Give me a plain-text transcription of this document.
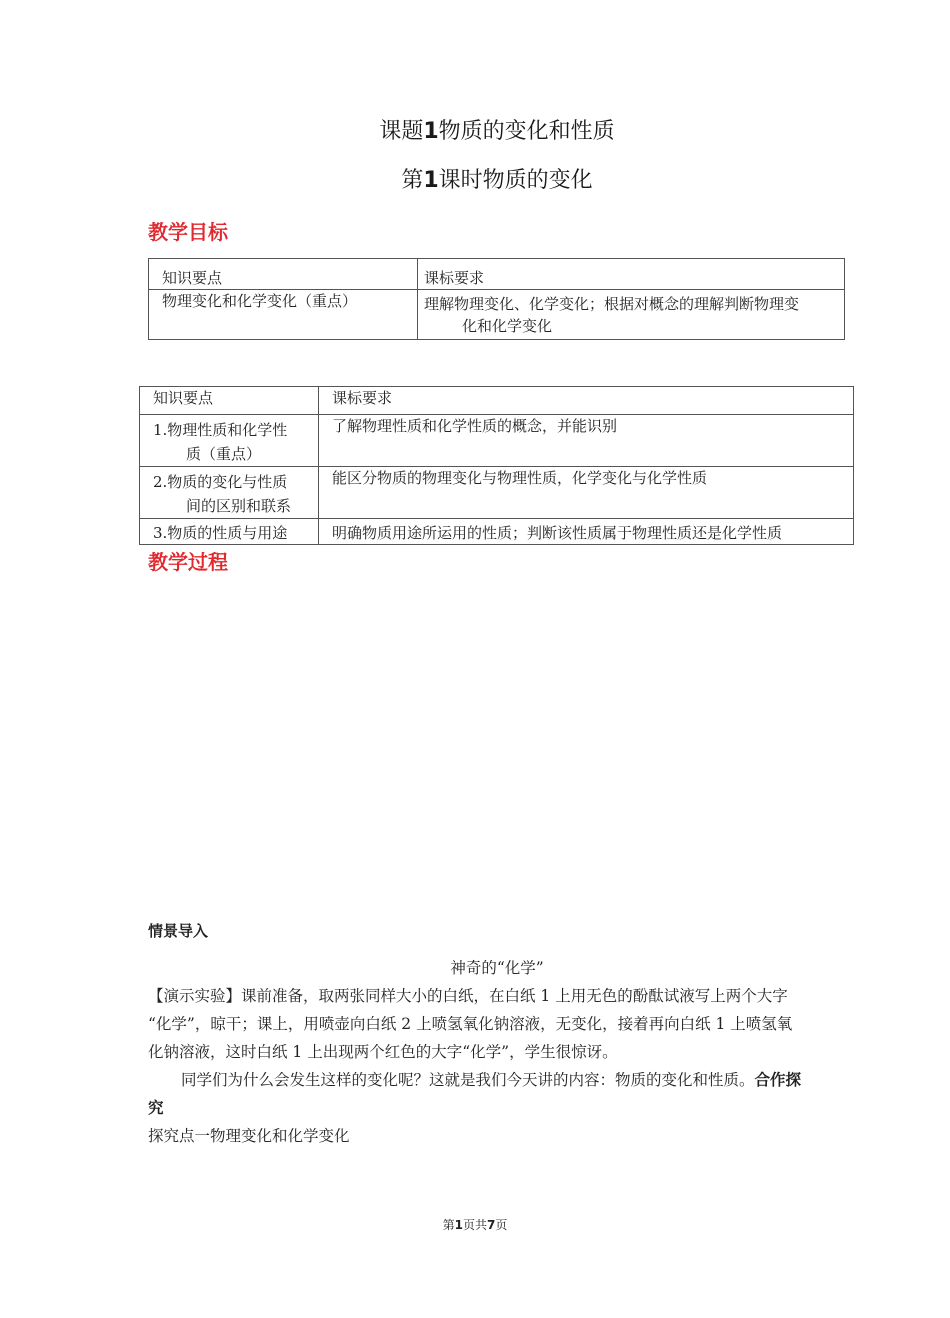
课题1物质的变化和性质
第1课时物质的变化
教学目标
知识要点	课标要求
物理变化和化学变化（重点）	理解物理变化、化学变化；根据对概念的理解判断物理变
化和化学变化
知识要点	课标要求

1.物理性质和化学性
质（重点）	了解物理性质和化学性质的概念，并能识别

2.物质的变化与性质
间的区别和联系	能区分物质的物理变化与物理性质，化学变化与化学性质
3.物质的性质与用途	明确物质用途所运用的性质；判断该性质属于物理性质还是化学性质
教学过程
情景导入
神奇的“化学”
【演示实验】课前准备，取两张同样大小的白纸，在白纸 1 上用无色的酚酞试液写上两个大字
“化学”，晾干；课上，用喷壶向白纸 2 上喷氢氧化钠溶液，无变化，接着再向白纸 1 上喷氢氧
化钠溶液，这时白纸 1 上出现两个红色的大字“化学”，学生很惊讶。
同学们为什么会发生这样的变化呢？这就是我们今天讲的内容：物质的变化和性质。合作探
究
探究点一物理变化和化学变化
第1页共7页
